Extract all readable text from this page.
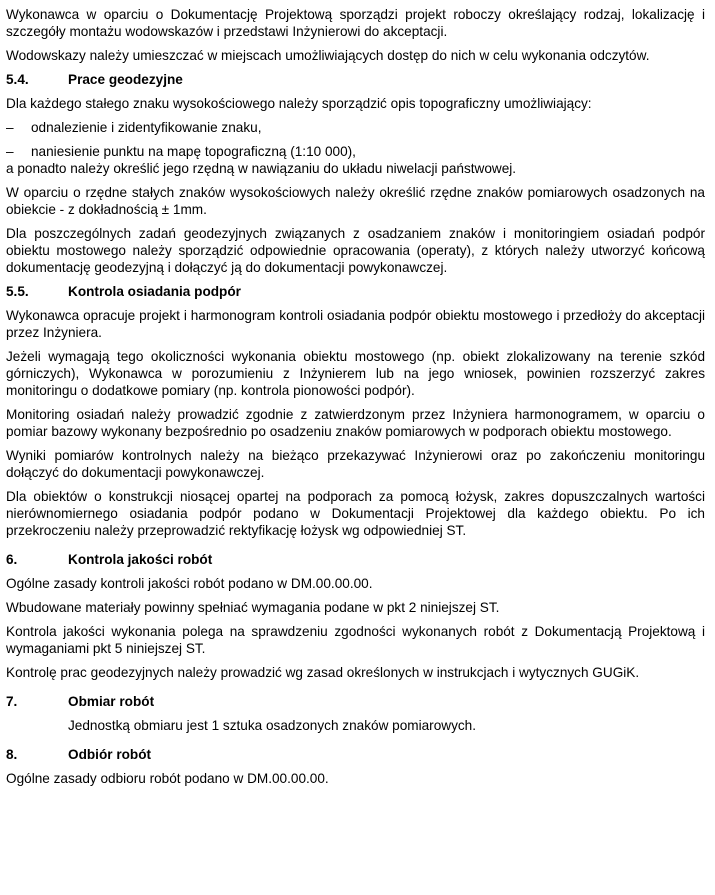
Wykonawca w oparciu o Dokumentację Projektową sporządzi projekt roboczy określający rodzaj, lokalizację i szczegóły montażu wodowskazów i przedstawi Inżynierowi do akceptacji.

Wodowskazy należy umieszczać w miejscach umożliwiających dostęp do nich w celu wykonania odczytów.

5.4.	Prace geodezyjne

Dla każdego stałego znaku wysokościowego należy sporządzić opis topograficzny umożliwiający:

–	odnalezienie i zidentyfikowanie znaku,
–	naniesienie punktu na mapę topograficzną (1:10 000),

a ponadto należy określić jego rzędną w nawiązaniu do układu niwelacji państwowej.

W oparciu o rzędne stałych znaków wysokościowych należy określić rzędne znaków pomiarowych osadzonych na obiekcie - z dokładnością ± 1mm.

Dla poszczególnych zadań geodezyjnych związanych z osadzaniem znaków i monitoringiem osiadań podpór obiektu mostowego należy sporządzić odpowiednie opracowania (operaty), z których należy utworzyć końcową dokumentację geodezyjną i dołączyć ją do dokumentacji powykonawczej.

5.5.	Kontrola osiadania podpór

Wykonawca opracuje projekt i harmonogram kontroli osiadania podpór obiektu mostowego i przedłoży do akceptacji przez Inżyniera.

Jeżeli wymagają tego okoliczności wykonania obiektu mostowego (np. obiekt zlokalizowany na terenie szkód górniczych), Wykonawca w porozumieniu z Inżynierem lub na jego wniosek, powinien rozszerzyć zakres monitoringu o dodatkowe pomiary (np. kontrola pionowości podpór).

Monitoring osiadań należy prowadzić zgodnie z zatwierdzonym przez Inżyniera harmonogramem, w oparciu o pomiar bazowy wykonany bezpośrednio po osadzeniu znaków pomiarowych w podporach obiektu mostowego.

Wyniki pomiarów kontrolnych należy na bieżąco przekazywać Inżynierowi oraz po zakończeniu monitoringu dołączyć do dokumentacji powykonawczej.

Dla obiektów o konstrukcji niosącej opartej na podporach za pomocą łożysk, zakres dopuszczalnych wartości nierównomiernego osiadania podpór podano w Dokumentacji Projektowej dla każdego obiektu. Po ich przekroczeniu należy przeprowadzić rektyfikację łożysk wg odpowiedniej ST.

6.	Kontrola jakości robót

Ogólne zasady kontroli jakości robót podano w DM.00.00.00.

Wbudowane materiały powinny spełniać wymagania podane w pkt 2 niniejszej ST.

Kontrola jakości wykonania polega na sprawdzeniu zgodności wykonanych robót z Dokumentacją Projektową i wymaganiami pkt 5 niniejszej ST.

Kontrolę prac geodezyjnych należy prowadzić wg zasad określonych w instrukcjach i wytycznych GUGiK.

7.	Obmiar robót

Jednostką obmiaru jest 1 sztuka osadzonych znaków pomiarowych.

8.	Odbiór robót

Ogólne zasady odbioru robót podano w DM.00.00.00.
